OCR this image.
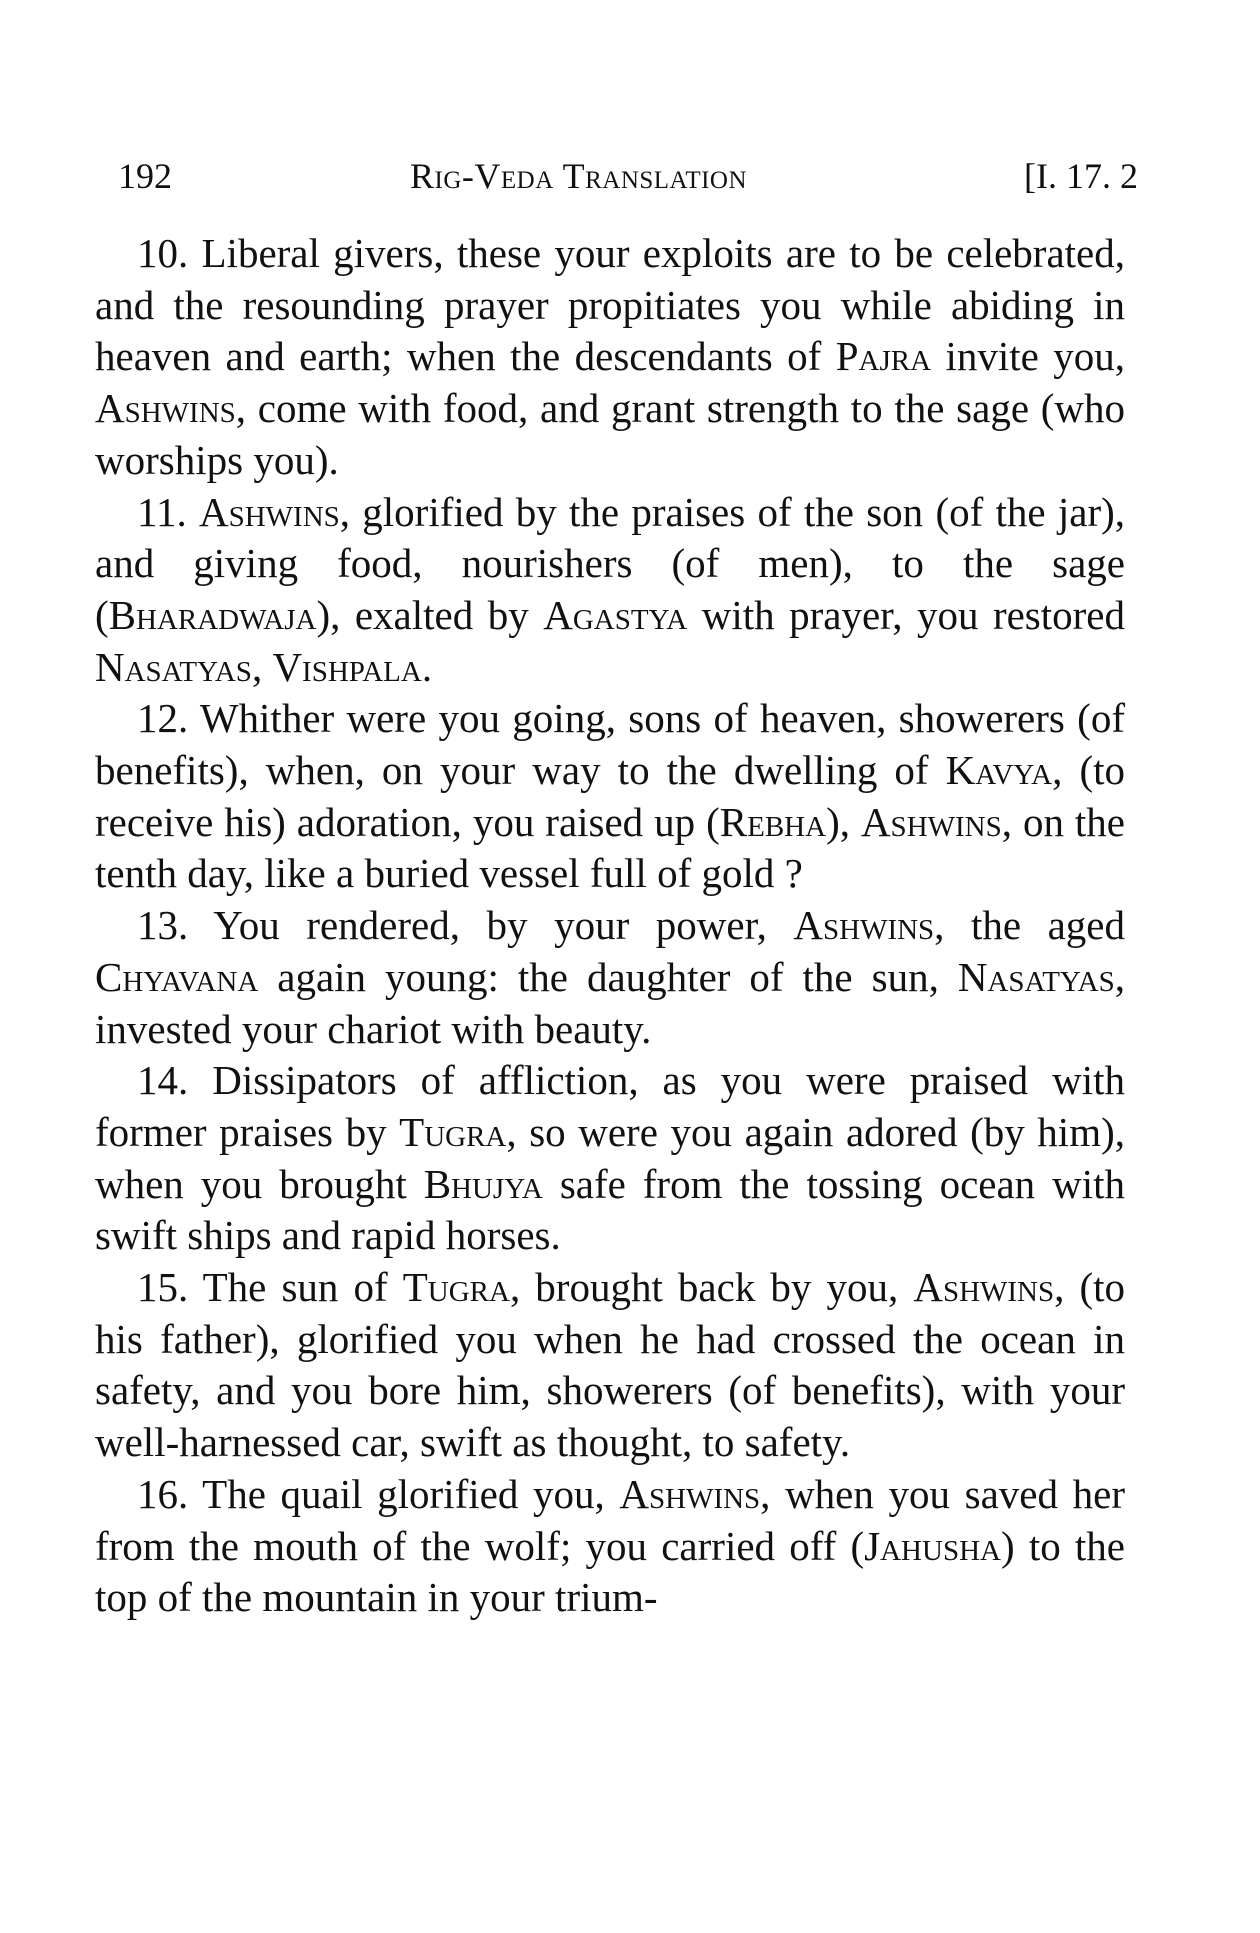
192	Rig-Veda Translation	[I. 17. 2

10. Liberal givers, these your exploits are to be celebrated, and the resounding prayer propitiates you while abiding in heaven and earth; when the descendants of Pajra invite you, Ashwins, come with food, and grant strength to the sage (who worships you).

11. Ashwins, glorified by the praises of the son (of the jar), and giving food, nourishers (of men), to the sage (Bharadwaja), exalted by Agastya with prayer, you restored Nasatyas, Vishpala.

12. Whither were you going, sons of heaven, showerers (of benefits), when, on your way to the dwelling of Kavya, (to receive his) adoration, you raised up (Rebha), Ashwins, on the tenth day, like a buried vessel full of gold ?

13. You rendered, by your power, Ashwins, the aged Chyavana again young: the daughter of the sun, Nasatyas, invested your chariot with beauty.

14. Dissipators of affliction, as you were praised with former praises by Tugra, so were you again adored (by him), when you brought Bhujya safe from the tossing ocean with swift ships and rapid horses.

15. The sun of Tugra, brought back by you, Ashwins, (to his father), glorified you when he had crossed the ocean in safety, and you bore him, showerers (of benefits), with your well-harnessed car, swift as thought, to safety.

16. The quail glorified you, Ashwins, when you saved her from the mouth of the wolf; you carried off (Jahusha) to the top of the mountain in your trium-
